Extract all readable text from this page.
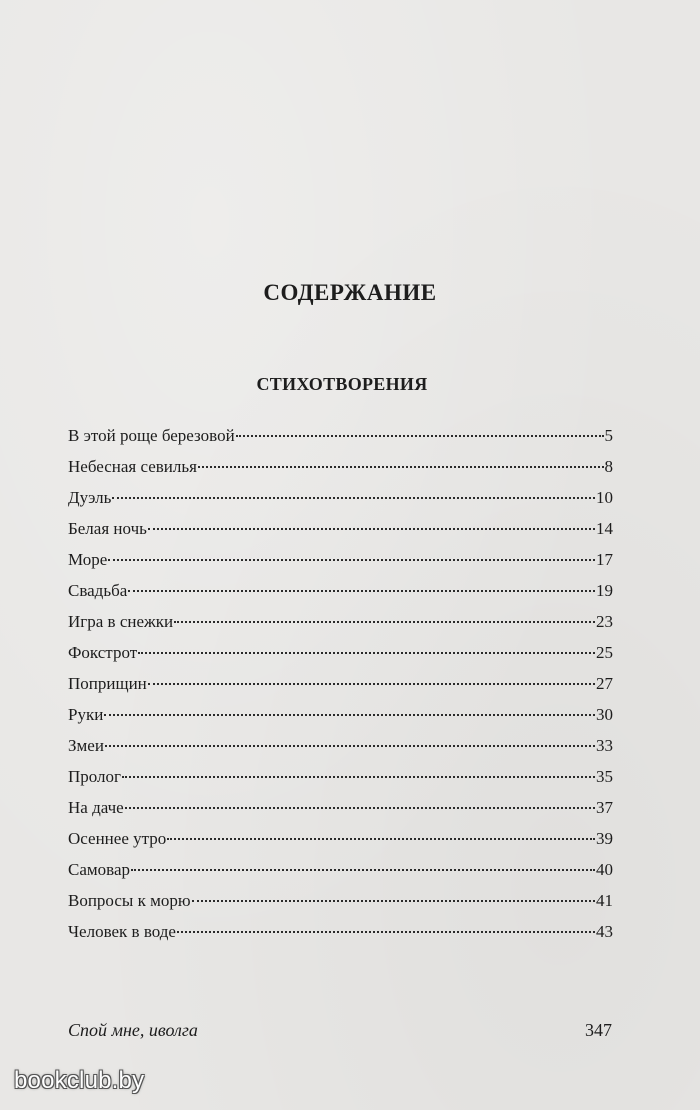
СОДЕРЖАНИЕ
СТИХОТВОРЕНИЯ
В этой роще березовой	5
Небесная севилья	8
Дуэль	10
Белая ночь	14
Море	17
Свадьба	19
Игра в снежки	23
Фокстрот	25
Поприщин	27
Руки	30
Змеи	33
Пролог	35
На даче	37
Осеннее утро	39
Самовар	40
Вопросы к морю	41
Человек в воде	43
Спой мне, иволга	347
bookclub.by
